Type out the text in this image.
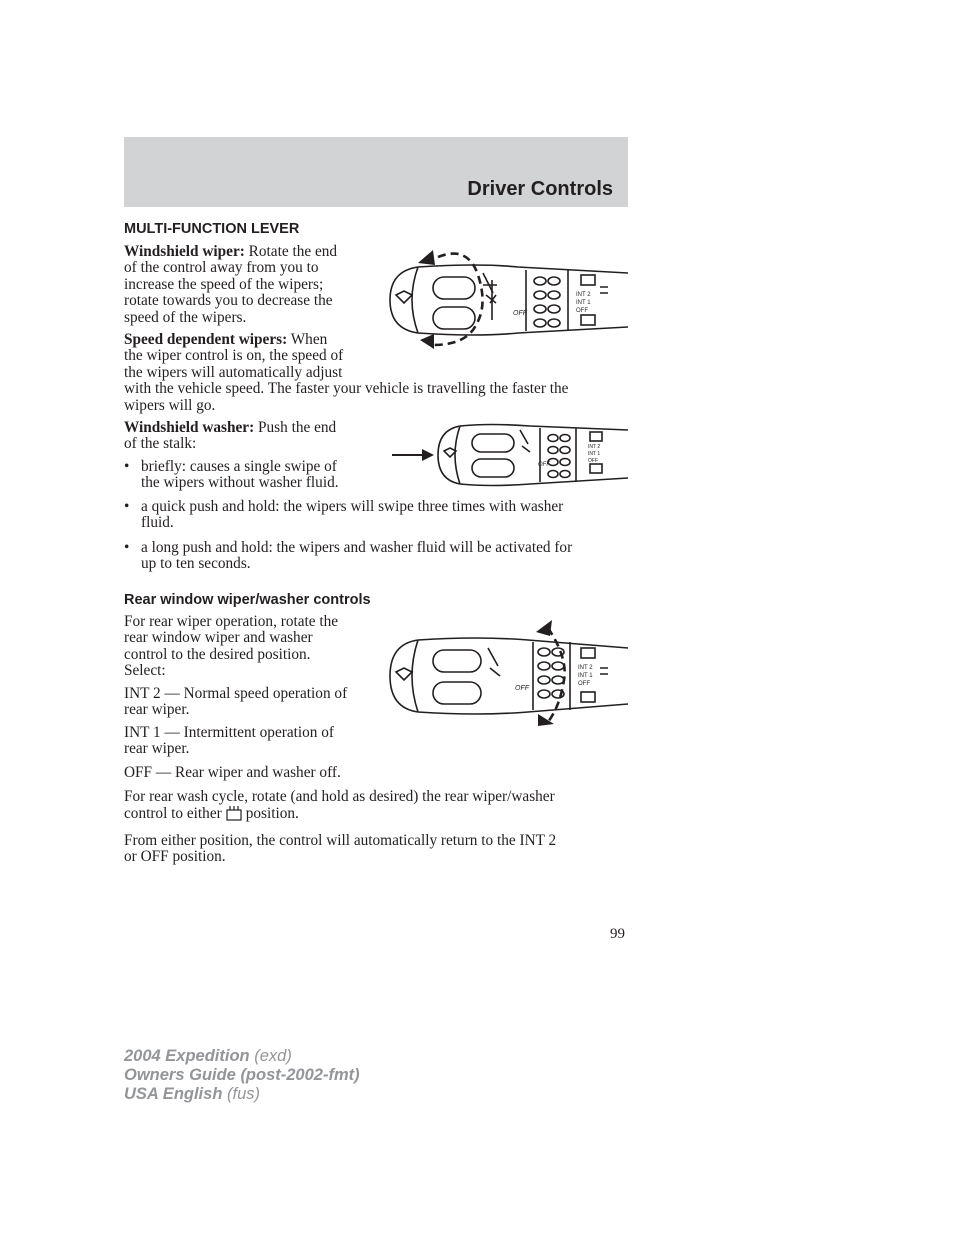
Driver Controls
MULTI-FUNCTION LEVER
Windshield wiper: Rotate the end
of the control away from you to
increase the speed of the wipers;
rotate towards you to decrease the
speed of the wipers.
Speed dependent wipers: When
the wiper control is on, the speed of
the wipers will automatically adjust
with the vehicle speed. The faster your vehicle is travelling the faster the
wipers will go.
Windshield washer: Push the end
of the stalk:
• briefly: causes a single swipe of
the wipers without washer fluid.
• a quick push and hold: the wipers will swipe three times with washer
fluid.
• a long push and hold: the wipers and washer fluid will be activated for
up to ten seconds.
OFF
INT 2
INT 1
OFF
OFF
INT 2
INT 1
OFF
Rear window wiper/washer controls
For rear wiper operation, rotate the
rear window wiper and washer
control to the desired position.
Select:
INT 2 — Normal speed operation of
rear wiper.
INT 1 — Intermittent operation of
rear wiper.
OFF — Rear wiper and washer off.
For rear wash cycle, rotate (and hold as desired) the rear wiper/washer
control to either position.
From either position, the control will automatically return to the INT 2
or OFF position.
OFF
INT 2
INT 1
OFF
99
2004 Expedition (exd)
Owners Guide (post-2002-fmt)
USA English (fus)
